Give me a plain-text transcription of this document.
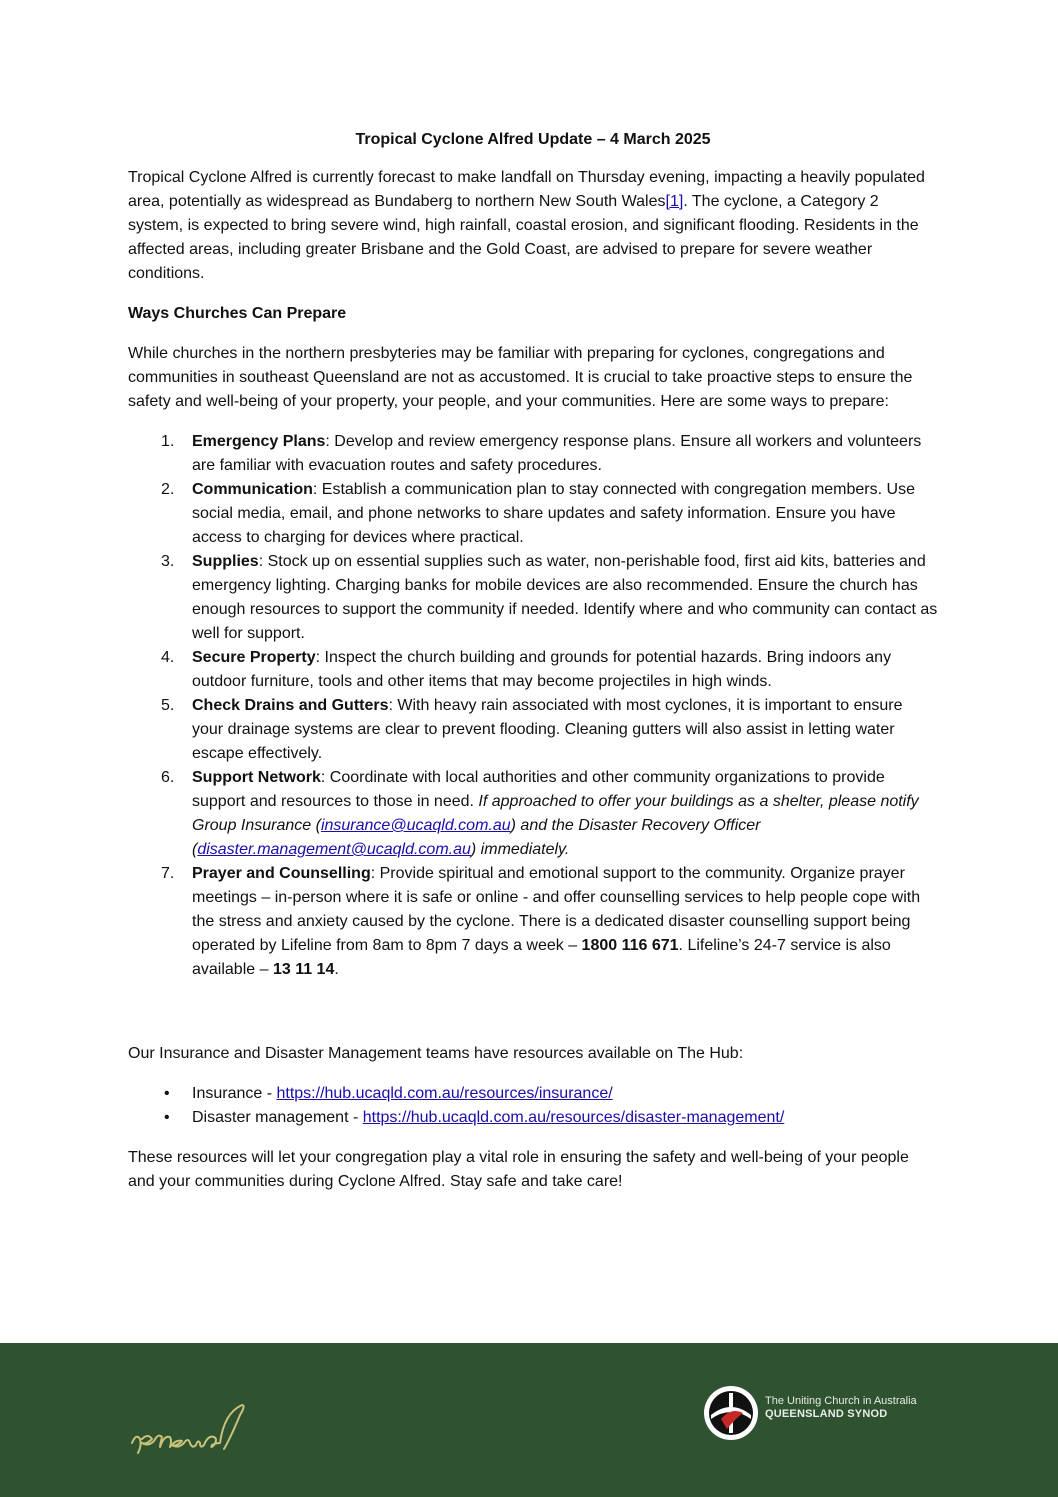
Tropical Cyclone Alfred Update – 4 March 2025

Tropical Cyclone Alfred is currently forecast to make landfall on Thursday evening, impacting a heavily populated area, potentially as widespread as Bundaberg to northern New South Wales[1]. The cyclone, a Category 2 system, is expected to bring severe wind, high rainfall, coastal erosion, and significant flooding. Residents in the affected areas, including greater Brisbane and the Gold Coast, are advised to prepare for severe weather conditions.

Ways Churches Can Prepare

While churches in the northern presbyteries may be familiar with preparing for cyclones, congregations and communities in southeast Queensland are not as accustomed. It is crucial to take proactive steps to ensure the safety and well-being of your property, your people, and your communities. Here are some ways to prepare:

1. Emergency Plans: Develop and review emergency response plans. Ensure all workers and volunteers are familiar with evacuation routes and safety procedures.
2. Communication: Establish a communication plan to stay connected with congregation members. Use social media, email, and phone networks to share updates and safety information. Ensure you have access to charging for devices where practical.
3. Supplies: Stock up on essential supplies such as water, non-perishable food, first aid kits, batteries and emergency lighting. Charging banks for mobile devices are also recommended. Ensure the church has enough resources to support the community if needed. Identify where and who community can contact as well for support.
4. Secure Property: Inspect the church building and grounds for potential hazards. Bring indoors any outdoor furniture, tools and other items that may become projectiles in high winds.
5. Check Drains and Gutters: With heavy rain associated with most cyclones, it is important to ensure your drainage systems are clear to prevent flooding. Cleaning gutters will also assist in letting water escape effectively.
6. Support Network: Coordinate with local authorities and other community organizations to provide support and resources to those in need. If approached to offer your buildings as a shelter, please notify Group Insurance (insurance@ucaqld.com.au) and the Disaster Recovery Officer (disaster.management@ucaqld.com.au) immediately.
7. Prayer and Counselling: Provide spiritual and emotional support to the community. Organize prayer meetings – in-person where it is safe or online - and offer counselling services to help people cope with the stress and anxiety caused by the cyclone. There is a dedicated disaster counselling support being operated by Lifeline from 8am to 8pm 7 days a week – 1800 116 671. Lifeline’s 24-7 service is also available – 13 11 14.

Our Insurance and Disaster Management teams have resources available on The Hub:

• Insurance - https://hub.ucaqld.com.au/resources/insurance/
• Disaster management - https://hub.ucaqld.com.au/resources/disaster-management/

These resources will let your congregation play a vital role in ensuring the safety and well-being of your people and your communities during Cyclone Alfred. Stay safe and take care!

The Uniting Church in Australia
QUEENSLAND SYNOD
